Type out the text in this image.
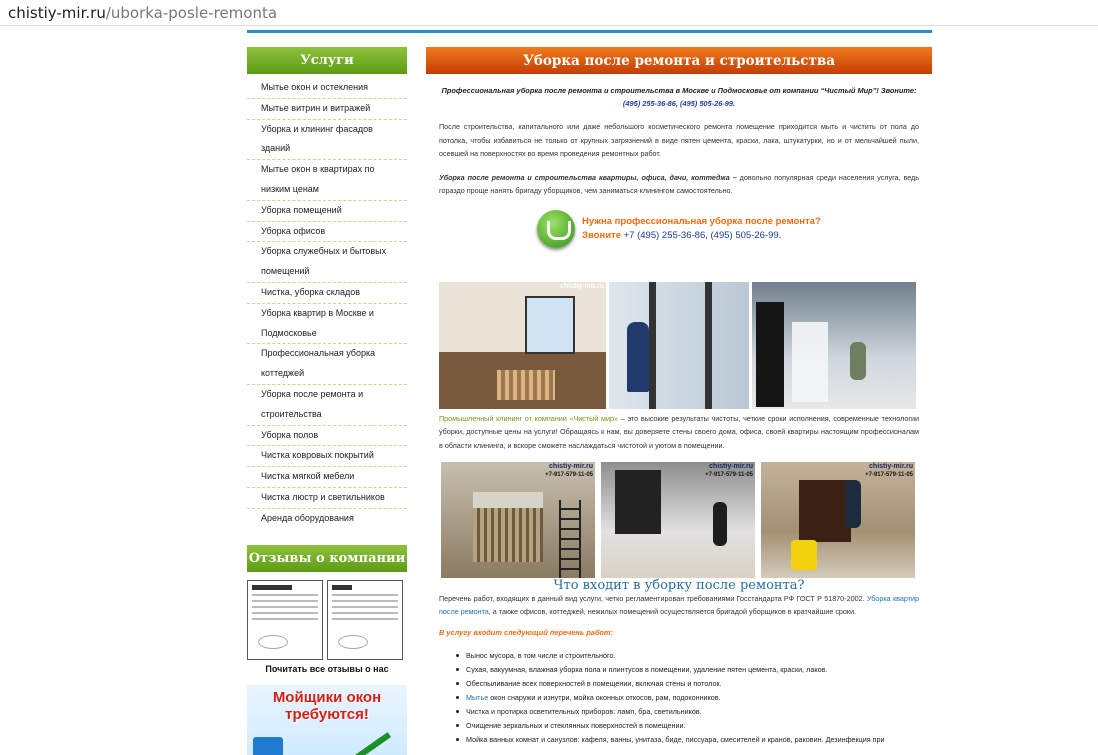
chistiy-mir.ru /uborka-posle-remonta
Услуги
Мытье окон и остекления
Мытье витрин и витражей
Уборка и клининг фасадов
зданий
Мытье окон в квартирах по
низким ценам
Уборка помещений
Уборка офисов
Уборка служебных и бытовых
помещений
Чистка, уборка складов
Уборка квартир в Москве и
Подмосковье
Профессиональная уборка
коттеджей
Уборка после ремонта и
строительства
Уборка полов
Чистка ковровых покрытий
Чистка мягкой мебели
Чистка люстр и светильников
Аренда оборудования
Отзывы о компании
Почитать все отзывы о нас
Мойщики окон требуются!
Уборка после ремонта и строительства
Профессиональная уборка после ремонта и строительства в Москве и Подмосковье от компании “Чистый Мир”! Звоните: (495) 255-36-86, (495) 505-26-99.

После строительства, капитального или даже небольшого косметического ремонта помещение приходится мыть и чистить от пола до потолка, чтобы избавиться не только от крупных загрязнений в виде пятен цемента, краски, лака, штукатурки, но и от мельчайшей пыли, осевшей на поверхностях во время проведения ремонтных работ.

Уборка после ремонта и строительства квартиры, офиса, дачи, коттеджа – довольно популярная среди населения услуга, ведь гораздо проще нанять бригаду уборщиков, чем заниматься клинингом самостоятельно.

Нужна профессиональная уборка после ремонта?
Звоните +7 (495) 255-36-86, (495) 505-26-99.
chistiy-mir.ru

Промышленный клининг от компании «Чистый мир» – это высокие результаты чистоты, четкие сроки исполнения, современные технологии уборки, доступные цены на услуги! Обращаясь к нам, вы доверяете стены своего дома, офиса, своей квартиры настоящим профессионалам в области клининга, и вскоре сможете наслаждаться чистотой и уютом в помещении.

chistiy-mir.ru
+7-917-579-11-05
chistiy-mir.ru
+7-917-579-11-05
chistiy-mir.ru
+7-917-579-11-05
Что входит в уборку после ремонта?

Перечень работ, входящих в данный вид услуги, четко регламентирован требованиями Госстандарта РФ ГОСТ Р 51870-2002. Уборка квартир после ремонта, а также офисов, коттеджей, нежилых помещений осуществляется бригадой уборщиков в кратчайшие сроки.

В услугу входит следующий перечень работ:
Вынос мусора, в том числе и строительного.
Сухая, вакуумная, влажная уборка пола и плинтусов в помещении, удаление пятен цемента, краски, лаков.
Обеспыливание всех поверхностей в помещении, включая стены и потолок.
Мытье окон снаружи и изнутри, мойка оконных откосов, рам, подоконников.
Чистка и протирка осветительных приборов: ламп, бра, светильников.
Очищение зеркальных и стеклянных поверхностей в помещении.
Мойка ванных комнат и санузлов: кафеля, ванны, унитаза, биде, писсуара, смесителей и кранов, раковин. Дезинфекция при
